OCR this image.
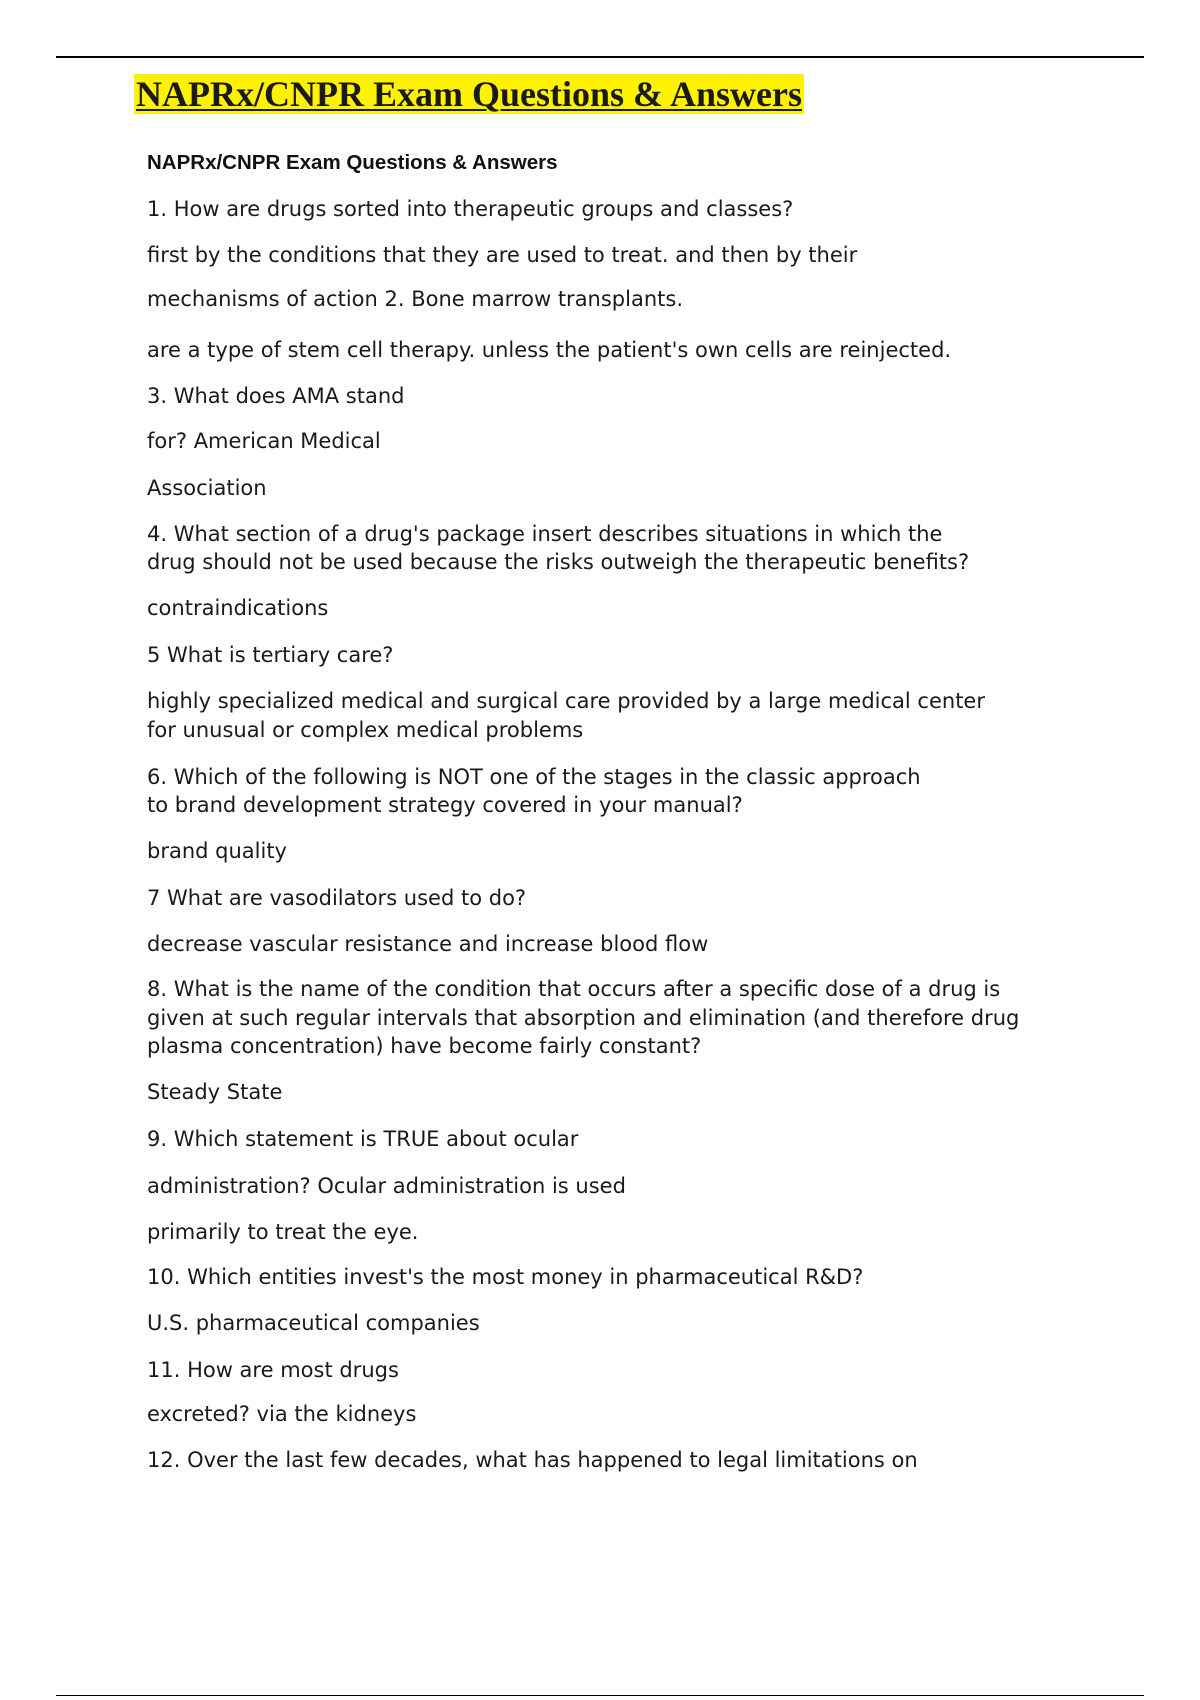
NAPRx/CNPR Exam Questions & Answers
NAPRx/CNPR Exam Questions & Answers
1. How are drugs sorted into therapeutic groups and classes?
first by the conditions that they are used to treat. and then by their
mechanisms of action 2. Bone marrow transplants.
are a type of stem cell therapy. unless the patient's own cells are reinjected.
3. What does AMA stand
for? American Medical
Association
4. What section of a drug's package insert describes situations in which the
drug should not be used because the risks outweigh the therapeutic benefits?
contraindications
5 What is tertiary care?
highly specialized medical and surgical care provided by a large medical center
for unusual or complex medical problems
6. Which of the following is NOT one of the stages in the classic approach
to brand development strategy covered in your manual?
brand quality
7 What are vasodilators used to do?
decrease vascular resistance and increase blood flow
8. What is the name of the condition that occurs after a specific dose of a drug is
given at such regular intervals that absorption and elimination (and therefore drug
plasma concentration) have become fairly constant?
Steady State
9. Which statement is TRUE about ocular
administration? Ocular administration is used
primarily to treat the eye.
10. Which entities invest's the most money in pharmaceutical R&D?
U.S. pharmaceutical companies
11. How are most drugs
excreted? via the kidneys
12. Over the last few decades, what has happened to legal limitations on
